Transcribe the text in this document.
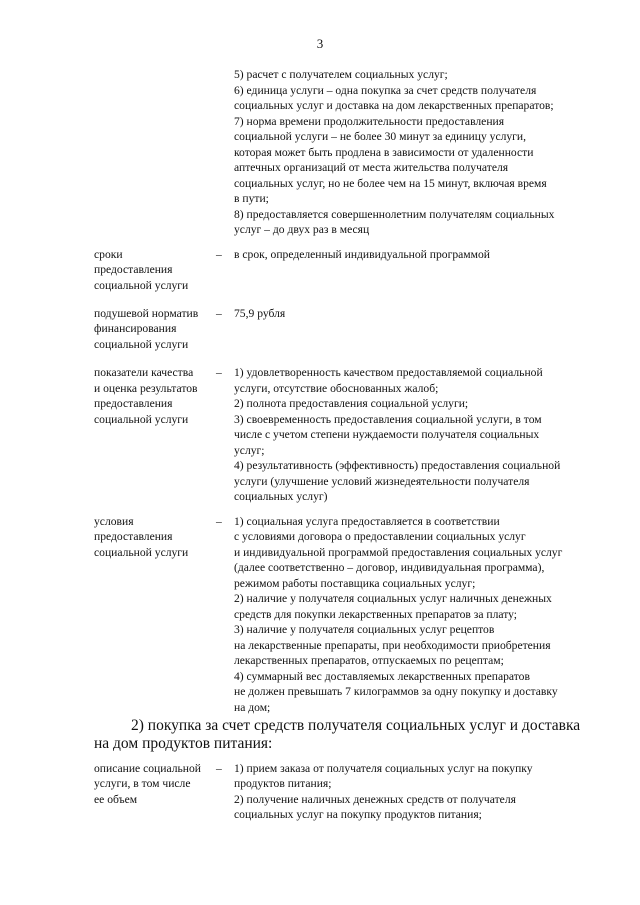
3
5) расчет с получателем социальных услуг;
6) единица услуги – одна покупка за счет средств получателя
социальных услуг и доставка на дом лекарственных препаратов;
7) норма времени продолжительности предоставления
социальной услуги – не более 30 минут за единицу услуги,
которая может быть продлена в зависимости от удаленности
аптечных организаций от места жительства получателя
социальных услуг, но не более чем на 15 минут, включая время
в пути;
8) предоставляется совершеннолетним получателям социальных
услуг – до двух раз в месяц
сроки
предоставления
социальной услуги
– в срок, определенный индивидуальной программой
подушевой норматив
финансирования
социальной услуги
– 75,9 рубля
показатели качества
и оценка результатов
предоставления
социальной услуги
– 1) удовлетворенность качеством предоставляемой социальной
услуги, отсутствие обоснованных жалоб;
2) полнота предоставления социальной услуги;
3) своевременность предоставления социальной услуги, в том
числе с учетом степени нуждаемости получателя социальных
услуг;
4) результативность (эффективность) предоставления социальной
услуги (улучшение условий жизнедеятельности получателя
социальных услуг)
условия
предоставления
социальной услуги
– 1) социальная услуга предоставляется в соответствии
с условиями договора о предоставлении социальных услуг
и индивидуальной программой предоставления социальных услуг
(далее соответственно – договор, индивидуальная программа),
режимом работы поставщика социальных услуг;
2) наличие у получателя социальных услуг наличных денежных
средств для покупки лекарственных препаратов за плату;
3) наличие у получателя социальных услуг рецептов
на лекарственные препараты, при необходимости приобретения
лекарственных препаратов, отпускаемых по рецептам;
4) суммарный вес доставляемых лекарственных препаратов
не должен превышать 7 килограммов за одну покупку и доставку
на дом;
2) покупка за счет средств получателя социальных услуг и доставка
на дом продуктов питания:
описание социальной
услуги, в том числе
ее объем
– 1) прием заказа от получателя социальных услуг на покупку
продуктов питания;
2) получение наличных денежных средств от получателя
социальных услуг на покупку продуктов питания;
